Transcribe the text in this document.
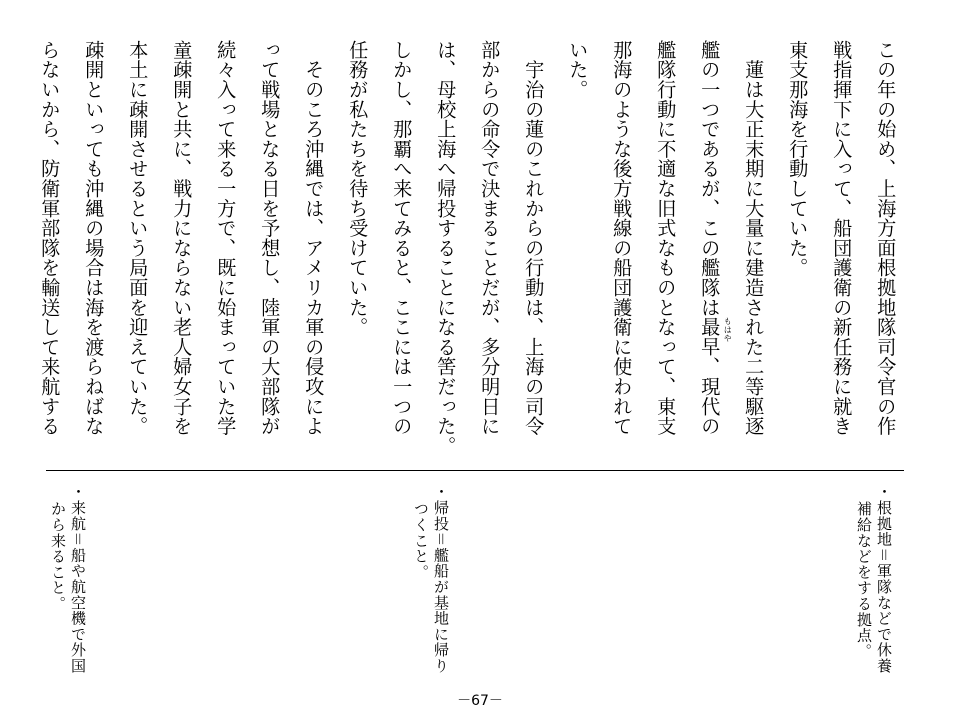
この年の始め、上海方面根拠地隊司令官の作
戦指揮下に入って、船団護衛の新任務に就き
東支那海を行動していた。
　蓮は大正末期に大量に建造された二等駆逐
艦の一つであるが、この艦隊は最早 もはや
、現代の
艦隊行動に不適な旧式なものとなって、東支
那海のような後方戦線の船団護衛に使われて
いた。
　宇治の蓮のこれからの行動は、上海の司令
部からの命令で決まることだが、多分明日に
は、母校上海へ帰投することになる筈だった。
しかし、那覇へ来てみると、ここには一つの
任務が私たちを待ち受けていた。
　そのころ沖縄では、アメリカ軍の侵攻によ
って戦場となる日を予想し、陸軍の大部隊が
続々入って来る一方で、既に始まっていた学
童疎開と共に、戦力にならない老人婦女子を
本土に疎開させるという局面を迎えていた。
疎開といっても沖縄の場合は海を渡らねばな
らないから、防衛軍部隊を輸送して来航する
・根拠地＝軍隊などで休養
補給などをする拠点。
・帰投＝艦船が基地に帰り
つくこと。
・来航＝船や航空機で外国
から来ること。
－67－
